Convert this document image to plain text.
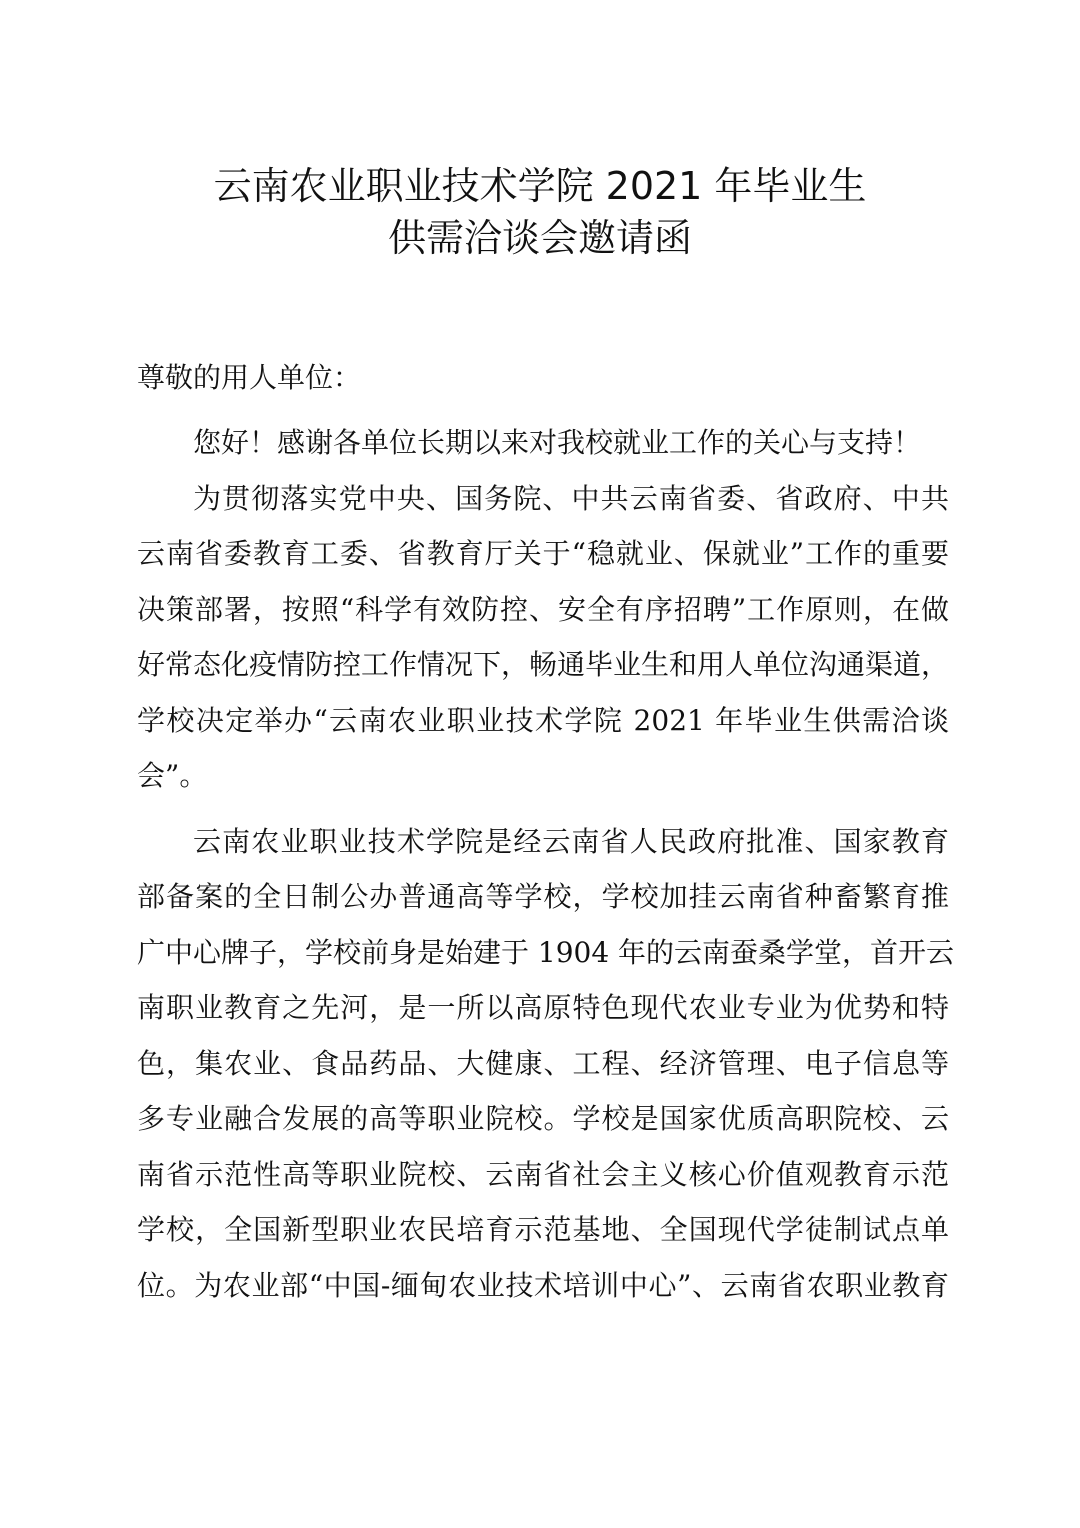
云南农业职业技术学院 2021 年毕业生
供需洽谈会邀请函
尊敬的用人单位：
您好！感谢各单位长期以来对我校就业工作的关心与支持！
为贯彻落实党中央、国务院、中共云南省委、省政府、中共
云南省委教育工委、省教育厅关于“稳就业、保就业”工作的重要
决策部署，按照“科学有效防控、安全有序招聘”工作原则，在做
好常态化疫情防控工作情况下，畅通毕业生和用人单位沟通渠道，
学校决定举办“云南农业职业技术学院 2021 年毕业生供需洽谈
会”。
云南农业职业技术学院是经云南省人民政府批准、国家教育
部备案的全日制公办普通高等学校，学校加挂云南省种畜繁育推
广中心牌子，学校前身是始建于 1904 年的云南蚕桑学堂，首开云
南职业教育之先河，是一所以高原特色现代农业专业为优势和特
色，集农业、食品药品、大健康、工程、经济管理、电子信息等
多专业融合发展的高等职业院校。学校是国家优质高职院校、云
南省示范性高等职业院校、云南省社会主义核心价值观教育示范
学校，全国新型职业农民培育示范基地、全国现代学徒制试点单
位。为农业部“中国-缅甸农业技术培训中心”、云南省农职业教育
